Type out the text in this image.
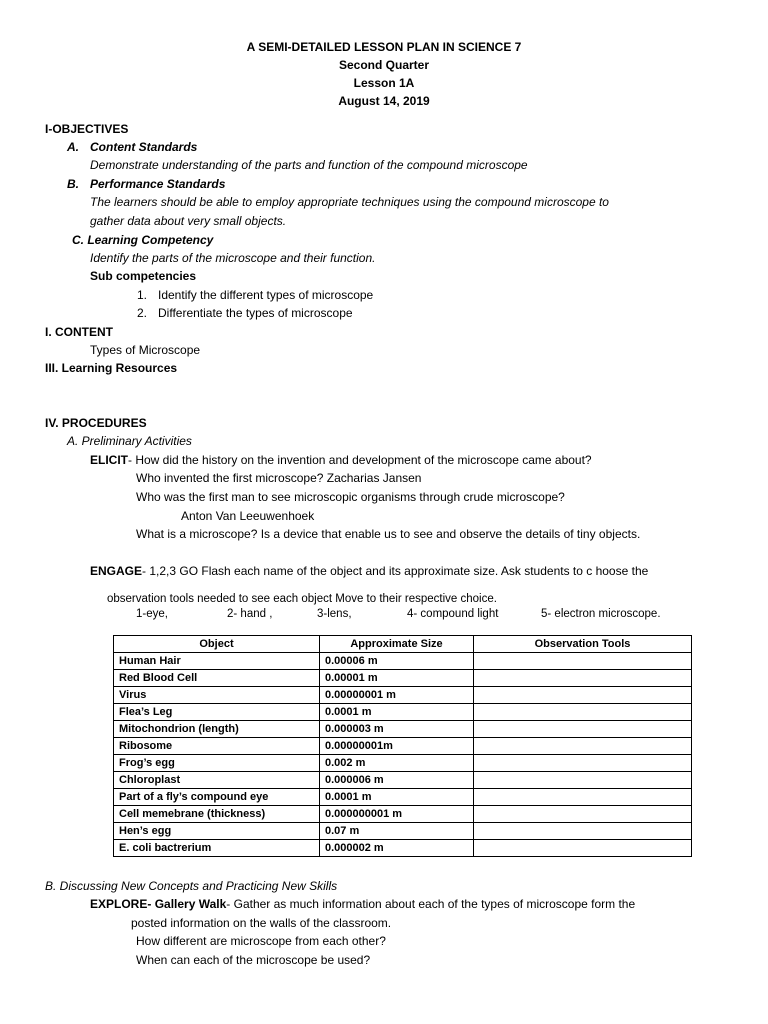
A SEMI-DETAILED LESSON PLAN IN SCIENCE 7
Second Quarter
Lesson 1A
August 14, 2019
I-OBJECTIVES
A. Content Standards
Demonstrate understanding of the parts and function of the compound microscope
B. Performance Standards
The learners should be able to employ appropriate techniques using the compound microscope to
gather data about very small objects.
C. Learning Competency
Identify the parts of the microscope and their function.
Sub competencies
1. Identify the different types of microscope
2. Differentiate the types of microscope
I. CONTENT
Types of Microscope
III. Learning Resources
IV. PROCEDURES
A. Preliminary Activities
ELICIT- How did the history on the invention and development of the microscope came about?
Who invented the first microscope? Zacharias Jansen
Who was the first man to see microscopic organisms through crude microscope?
Anton Van Leeuwenhoek
What is a microscope? Is a device that enable us to see and observe the details of tiny objects.
ENGAGE- 1,2,3 GO Flash each name of the object and its approximate size. Ask students to c hoose the
observation tools needed to see each object Move to their respective choice.
1-eye,	2- hand ,	3-lens,	4- compound light	5- electron microscope.
Object	Approximate Size	Observation Tools
Human Hair	0.00006 m	
Red Blood Cell	0.00001 m	
Virus	0.00000001 m	
Flea’s Leg	0.0001 m	
Mitochondrion (length)	0.000003 m	
Ribosome	0.00000001m	
Frog’s egg	0.002 m	
Chloroplast	0.000006 m	
Part of a fly’s compound eye	0.0001 m	
Cell memebrane (thickness)	0.000000001 m	
Hen’s egg	0.07 m	
E. coli bactrerium	0.000002 m	
B. Discussing New Concepts and Practicing New Skills
EXPLORE- Gallery Walk- Gather as much information about each of the types of microscope form the
posted information on the walls of the classroom.
How different are microscope from each other?
When can each of the microscope be used?
